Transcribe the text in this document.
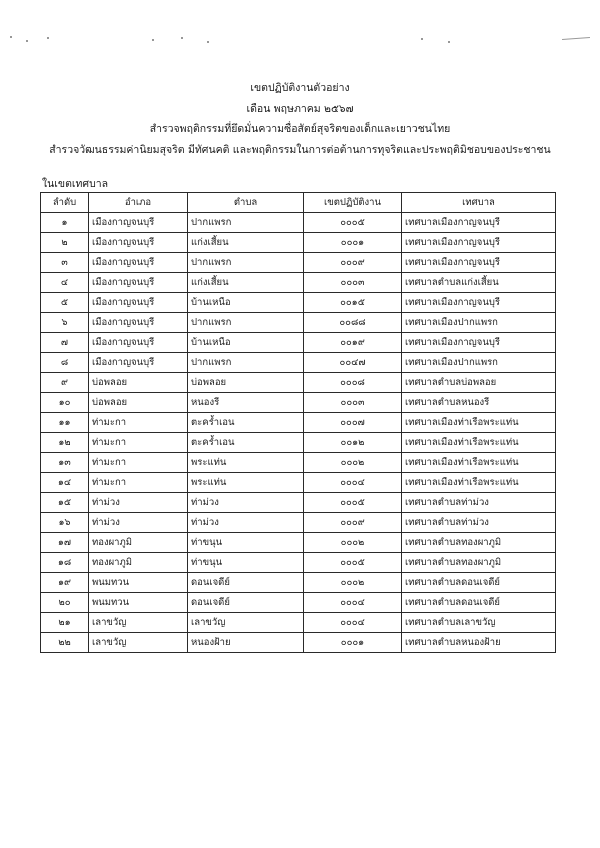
เขตปฏิบัติงานตัวอย่าง
เดือน พฤษภาคม ๒๕๖๗
สำรวจพฤติกรรมที่ยึดมั่นความซื่อสัตย์สุจริตของเด็กและเยาวชนไทย
สำรวจวัฒนธรรมค่านิยมสุจริต มีทัศนคติ และพฤติกรรมในการต่อต้านการทุจริตและประพฤติมิชอบของประชาชน
ในเขตเทศบาล
ลำดับ	อำเภอ	ตำบล	เขตปฏิบัติงาน	เทศบาล
๑	เมืองกาญจนบุรี	ปากแพรก	๐๐๐๕	เทศบาลเมืองกาญจนบุรี
๒	เมืองกาญจนบุรี	แก่งเสี้ยน	๐๐๐๑	เทศบาลเมืองกาญจนบุรี
๓	เมืองกาญจนบุรี	ปากแพรก	๐๐๐๙	เทศบาลเมืองกาญจนบุรี
๔	เมืองกาญจนบุรี	แก่งเสี้ยน	๐๐๐๓	เทศบาลตำบลแก่งเสี้ยน
๕	เมืองกาญจนบุรี	บ้านเหนือ	๐๐๑๕	เทศบาลเมืองกาญจนบุรี
๖	เมืองกาญจนบุรี	ปากแพรก	๐๐๘๘	เทศบาลเมืองปากแพรก
๗	เมืองกาญจนบุรี	บ้านเหนือ	๐๐๑๙	เทศบาลเมืองกาญจนบุรี
๘	เมืองกาญจนบุรี	ปากแพรก	๐๐๔๗	เทศบาลเมืองปากแพรก
๙	บ่อพลอย	บ่อพลอย	๐๐๐๘	เทศบาลตำบลบ่อพลอย
๑๐	บ่อพลอย	หนองรี	๐๐๐๓	เทศบาลตำบลหนองรี
๑๑	ท่ามะกา	ตะคร้ำเอน	๐๐๐๗	เทศบาลเมืองท่าเรือพระแท่น
๑๒	ท่ามะกา	ตะคร้ำเอน	๐๐๑๒	เทศบาลเมืองท่าเรือพระแท่น
๑๓	ท่ามะกา	พระแท่น	๐๐๐๒	เทศบาลเมืองท่าเรือพระแท่น
๑๔	ท่ามะกา	พระแท่น	๐๐๐๔	เทศบาลเมืองท่าเรือพระแท่น
๑๕	ท่าม่วง	ท่าม่วง	๐๐๐๕	เทศบาลตำบลท่าม่วง
๑๖	ท่าม่วง	ท่าม่วง	๐๐๐๙	เทศบาลตำบลท่าม่วง
๑๗	ทองผาภูมิ	ท่าขนุน	๐๐๐๒	เทศบาลตำบลทองผาภูมิ
๑๘	ทองผาภูมิ	ท่าขนุน	๐๐๐๕	เทศบาลตำบลทองผาภูมิ
๑๙	พนมทวน	ดอนเจดีย์	๐๐๐๒	เทศบาลตำบลดอนเจดีย์
๒๐	พนมทวน	ดอนเจดีย์	๐๐๐๔	เทศบาลตำบลดอนเจดีย์
๒๑	เลาขวัญ	เลาขวัญ	๐๐๐๔	เทศบาลตำบลเลาขวัญ
๒๒	เลาขวัญ	หนองฝ้าย	๐๐๐๑	เทศบาลตำบลหนองฝ้าย
